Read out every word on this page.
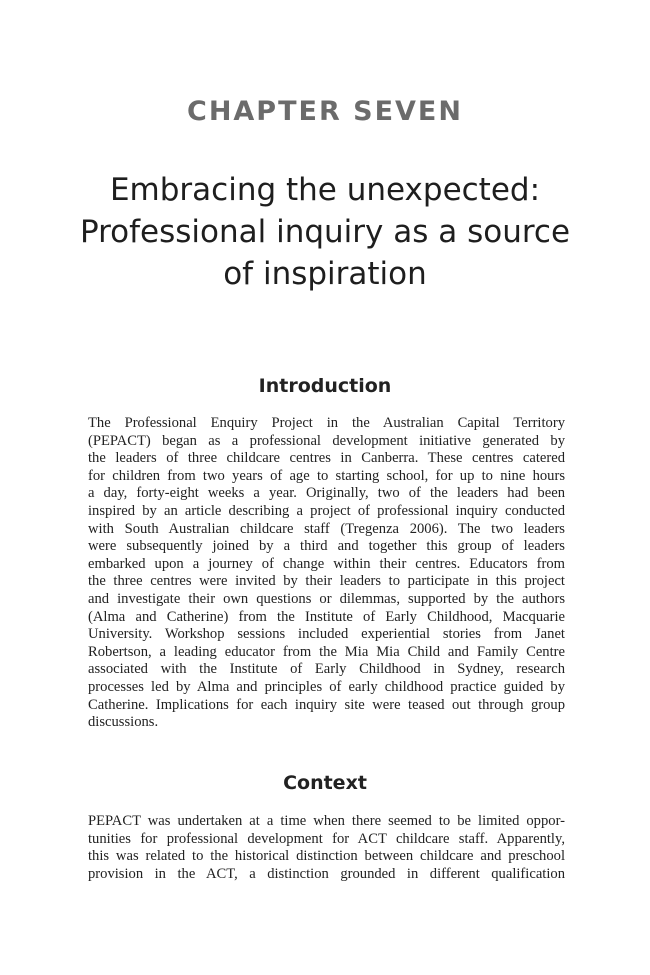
CHAPTER SEVEN
Embracing the unexpected:
Professional inquiry as a source
of inspiration
Introduction
The Professional Enquiry Project in the Australian Capital Territory
(PEPACT) began as a professional development initiative generated by
the leaders of three childcare centres in Canberra. These centres catered
for children from two years of age to starting school, for up to nine hours
a day, forty-eight weeks a year. Originally, two of the leaders had been
inspired by an article describing a project of professional inquiry conducted
with South Australian childcare staff (Tregenza 2006). The two leaders
were subsequently joined by a third and together this group of leaders
embarked upon a journey of change within their centres. Educators from
the three centres were invited by their leaders to participate in this project
and investigate their own questions or dilemmas, supported by the authors
(Alma and Catherine) from the Institute of Early Childhood, Macquarie
University. Workshop sessions included experiential stories from Janet
Robertson, a leading educator from the Mia Mia Child and Family Centre
associated with the Institute of Early Childhood in Sydney, research
processes led by Alma and principles of early childhood practice guided by
Catherine. Implications for each inquiry site were teased out through group
discussions.
Context
PEPACT was undertaken at a time when there seemed to be limited oppor-
tunities for professional development for ACT childcare staff. Apparently,
this was related to the historical distinction between childcare and preschool
provision in the ACT, a distinction grounded in different qualification
